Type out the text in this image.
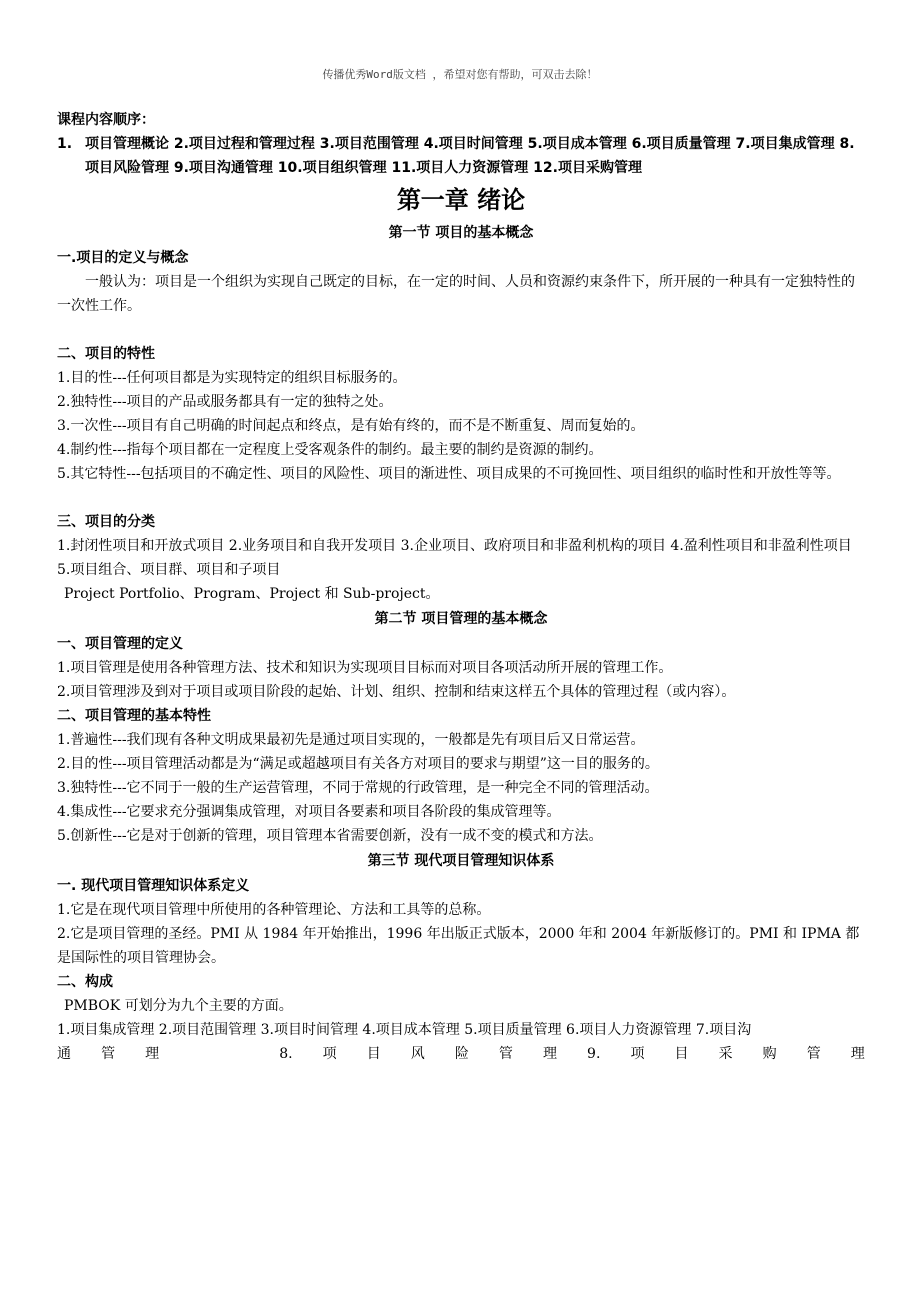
传播优秀Word版文档 ，希望对您有帮助，可双击去除！

课程内容顺序：

1. 项目管理概论 2.项目过程和管理过程 3.项目范围管理 4.项目时间管理 5.项目成本管理 6.项目质量管理 7.项目集成管理 8.项目风险管理 9.项目沟通管理 10.项目组织管理 11.项目人力资源管理 12.项目采购管理
第一章 绪论

第一节 项目的基本概念

一.项目的定义与概念

一般认为：项目是一个组织为实现自己既定的目标，在一定的时间、人员和资源约束条件下，所开展的一种具有一定独特性的一次性工作。

二、项目的特性

1.目的性---任何项目都是为实现特定的组织目标服务的。

2.独特性---项目的产品或服务都具有一定的独特之处。

3.一次性---项目有自己明确的时间起点和终点，是有始有终的，而不是不断重复、周而复始的。

4.制约性---指每个项目都在一定程度上受客观条件的制约。最主要的制约是资源的制约。

5.其它特性---包括项目的不确定性、项目的风险性、项目的渐进性、项目成果的不可挽回性、项目组织的临时性和开放性等等。

三、项目的分类

1.封闭性项目和开放式项目 2.业务项目和自我开发项目 3.企业项目、政府项目和非盈利机构的项目 4.盈利性项目和非盈利性项目 5.项目组合、项目群、项目和子项目

Project Portfolio、Program、Project 和 Sub-project。

第二节 项目管理的基本概念

一、项目管理的定义

1.项目管理是使用各种管理方法、技术和知识为实现项目目标而对项目各项活动所开展的管理工作。

2.项目管理涉及到对于项目或项目阶段的起始、计划、组织、控制和结束这样五个具体的管理过程（或内容）。

二、项目管理的基本特性

1.普遍性---我们现有各种文明成果最初先是通过项目实现的，一般都是先有项目后又日常运营。

2.目的性---项目管理活动都是为“满足或超越项目有关各方对项目的要求与期望”这一目的服务的。

3.独特性---它不同于一般的生产运营管理，不同于常规的行政管理，是一种完全不同的管理活动。

4.集成性---它要求充分强调集成管理，对项目各要素和项目各阶段的集成管理等。

5.创新性---它是对于创新的管理，项目管理本省需要创新，没有一成不变的模式和方法。

第三节 现代项目管理知识体系

一. 现代项目管理知识体系定义

1.它是在现代项目管理中所使用的各种管理论、方法和工具等的总称。

2.它是项目管理的圣经。PMI 从 1984 年开始推出，1996 年出版正式版本，2000 年和 2004 年新版修订的。PMI 和 IPMA 都是国际性的项目管理协会。

二、构成

PMBOK 可划分为九个主要的方面。

1.项目集成管理 2.项目范围管理 3.项目时间管理 4.项目成本管理 5.项目质量管理 6.项目人力资源管理 7.项目沟

通 管 理	8. 项 目 风 险 管 理 9. 项 目 采 购 管 理
